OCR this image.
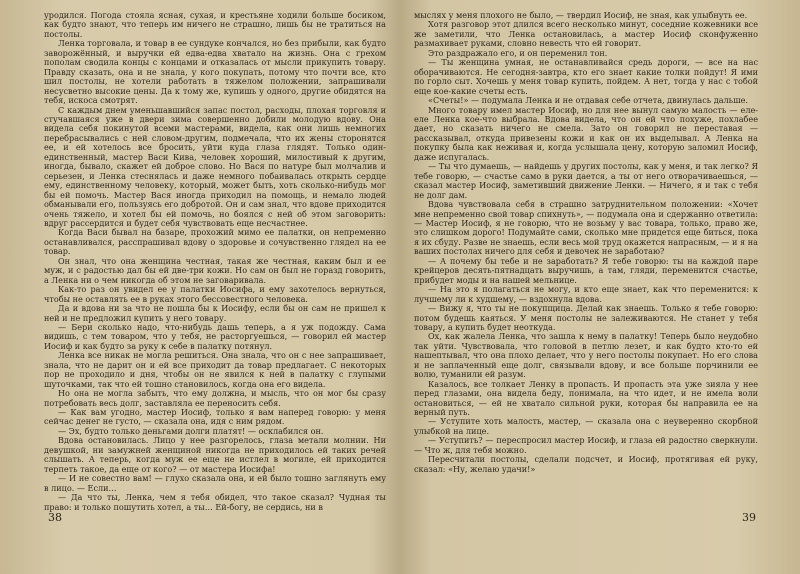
уродился. Погода стояла ясная, сухая, и крестьяне ходили больше босиком, как будто знают, что теперь им ничего не страшно, лишь бы не тратиться на постолы.

Ленка торговала, и товар в ее сундуке кончался, но без прибыли, как будто заворожённый, и выручки ей едва-едва хватало на жизнь. Она с грехом пополам сводила концы с концами и отказалась от мысли прикупить товару. Правду сказать, она и не знала, у кого покупать, потому что почти все, кто шил постолы, не хотели работать в тяжелом положении, запрашивали несусветно высокие цены. Да к тому же, купишь у одного, другие обидятся на тебя, искоса смотрят.

С каждым днем уменьшавшийся запас постол, расходы, плохая торговля и стучавшаяся уже в двери зима совершенно добили молодую вдову. Она видела себя покинутой всеми мастерами, видела, как они лишь немногих перебрасывались с ней словом-другим, подмечала, что их жены сторонятся ее, и ей хотелось все бросить, уйти куда глаза глядят. Только один-единственный, мастер Васи Кива, человек хороший, милостивый к другим, иногда, бывало, скажет ей доброе слово. Но Вася по натуре был молчалив и серьезен, и Ленка стеснялась и даже немного побаивалась открыть сердце ему, единственному человеку, который, может быть, хоть сколько-нибудь мог бы ей помочь. Мастер Вася иногда приходил на помощь, и немало людей обманывали его, пользуясь его добротой. Он и сам знал, что вдове приходится очень тяжело, и хотел бы ей помочь, но боялся с ней об этом заговорить: вдруг рассердится и будет себя чувствовать еще несчастнее.

Когда Васи бывал на базаре, прохожий мимо ее палатки, он непременно останавливался, расспрашивал вдову о здоровье и сочувственно глядел на ее товар.

Он знал, что она женщина честная, такая же честная, каким был и ее муж, и с радостью дал бы ей две-три кожи. Но сам он был не горазд говорить, а Ленка ни о чем никогда об этом не заговаривала.

Как-то раз он увидел ее у палатки Иосифа, и ему захотелось вернуться, чтобы не оставлять ее в руках этого бессовестного человека.

Да и вдова ни за что не пошла бы к Иосифу, если бы он сам не пришел к ней и не предложил купить у него товару.

— Бери сколько надо, что-нибудь дашь теперь, а я уж подожду. Сама видишь, с тем товаром, что у тебя, не расторгуешься, — говорил ей мастер Иосиф и как будто за руку к себе в палатку потянул.

Ленка все никак не могла решиться. Она знала, что он с нее запрашивает, знала, что не дарит он и ей все приходит да товар предлагает. С некоторых пор не проходило и дня, чтобы он не явился к ней в палатку с глупыми шуточками, так что ей тошно становилось, когда она его видела.

Но она не могла забыть, что ему должна, и мысль, что он мог бы сразу потребовать весь долг, заставляла ее переносить себя.

— Как вам угодно, мастер Иосиф, только я вам наперед говорю: у меня сейчас денег не густо, — сказала она, идя с ним рядом.

— Эх, будто только деньгами долги платят! — осклабился он.

Вдова остановилась. Лицо у нее разгорелось, глаза метали молнии. Ни девушкой, ни замужней женщиной никогда не приходилось ей таких речей слышать. А теперь, когда муж ее еще не истлел в могиле, ей приходится терпеть такое, да еще от кого? — от мастера Иосифа!

— И не совестно вам! — глухо сказала она, и ей было тошно заглянуть ему в лицо. — Если…

— Да что ты, Ленка, чем я тебя обидел, что такое сказал? Чудная ты право: и только пошутить хотел, а ты… Ей-богу, не сердись, ни в

38

мыслях у меня плохого не было, — твердил Иосиф, не зная, как улыбнуть ее.

Хотя разговор этот длился всего несколько минут, соседние кожевники все же заметили, что Ленка остановилась, а мастер Иосиф сконфуженно размахивает руками, словно невесть что ей говорит.

Это раздражало его, и он переменил тон.

— Ты женщина умная, не останавливайся средь дороги, — все на нас оборачиваются. Не сегодня-завтра, кто его знает какие толки пойдут! Я ими по горло сыт. Хочешь у меня товар купить, пойдем. А нет, тогда у нас с тобой еще кое-какие счеты есть.

«Счеты!» — подумала Ленка и не отдавая себе отчета, двинулась дальше.

Много товару имел мастер Иосиф, но для нее вынул самую малость — еле-еле Ленка кое-что выбрала. Вдова видела, что он ей что похуже, похлабее дает, но сказать ничего не смела. Зато он говорил не переставая — рассказывал, откуда привезены кожи и как он их выделывал. А Ленка на покупку была как неживая и, когда услышала цену, которую заломил Иосиф, даже испугалась.

— Ты что думаешь, — найдешь у других постолы, как у меня, и так легко? Я тебе говорю, — счастье само в руки дается, а ты от него отворачиваешься, — сказал мастер Иосиф, заметивший движение Ленки. — Ничего, я и так с тебя не долг дам.

Вдова чувствовала себя в страшно затруднительном положении: «Хочет мне непременно свой товар спихнуть», — подумала она и сдержанно ответила: — Мастер Иосиф, я не говорю, что не возьму у вас товара, только, право же, это слишком дорого! Подумайте сами, сколько мне придется еще биться, пока я их сбуду. Разве не знаешь, если весь мой труд окажется напрасным, — и я на ваших постолах ничего для себя и девочек не заработаю?

— А почему бы тебе и не заработать? Я тебе говорю: ты на каждой паре крейцеров десять-пятнадцать выручишь, а там, гляди, переменится счастье, прибудет моды и на нашей мельнице.

— На это я полагаться не могу, и кто еще знает, как что переменится: к лучшему ли к худшему, — вздохнула вдова.

— Вижу я, что ты не покупщица. Делай как знаешь. Только я тебе говорю: потом будешь каяться. У меня постолы не залеживаются. Не станет у тебя товару, а купить будет неоткуда.

Ох, как жалела Ленка, что зашла к нему в палатку! Теперь было неудобно так уйти. Чувствовала, что головой в петлю лезет, и как будто кто-то ей нашептывал, что она плохо делает, что у него постолы покупает. Но его слова и не заплаченный еще долг, связывали вдову, и все больше порчинили ее волю, туманили ей разум.

Казалось, все толкает Ленку в пропасть. И пропасть эта уже зияла у нее перед глазами, она видела беду, понимала, на что идет, и не имела воли остановиться, — ей не хватало сильной руки, которая бы направила ее на верный путь.

— Уступите хоть малость, мастер, — сказала она с неуверенно скорбной улыбкой на лице.

— Уступить? — переспросил мастер Иосиф, и глаза ей радостно сверкнули. — Что ж, для тебя можно.

Пересчитали постолы, сделали подсчет, и Иосиф, протягивая ей руку, сказал: «Ну, желаю удачи!»

39
